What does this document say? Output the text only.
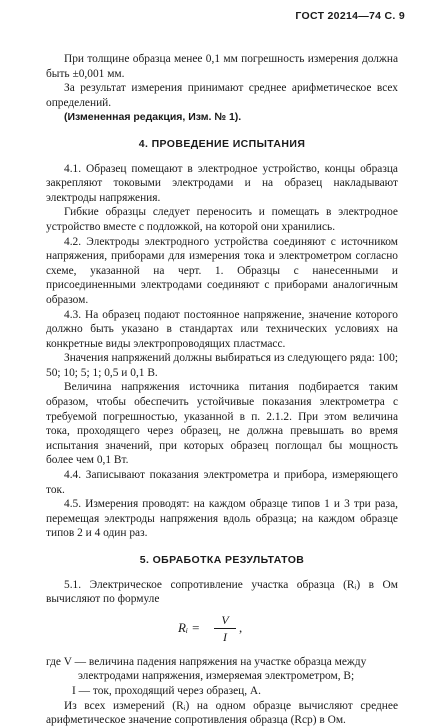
ГОСТ 20214—74 С. 9

При толщине образца менее 0,1 мм погрешность измерения должна быть ±0,001 мм.

За результат измерения принимают среднее арифметическое всех определений.

(Измененная редакция, Изм. № 1).

4. ПРОВЕДЕНИЕ ИСПЫТАНИЯ

4.1. Образец помещают в электродное устройство, концы образца закрепляют токовыми электродами и на образец накладывают электроды напряжения.

Гибкие образцы следует переносить и помещать в электродное устройство вместе с подложкой, на которой они хранились.

4.2. Электроды электродного устройства соединяют с источником напряжения, приборами для измерения тока и электрометром согласно схеме, указанной на черт. 1. Образцы с нанесенными и присоединенными электродами соединяют с приборами аналогичным образом.

4.3. На образец подают постоянное напряжение, значение которого должно быть указано в стандартах или технических условиях на конкретные виды электропроводящих пластмасс.

Значения напряжений должны выбираться из следующего ряда: 100; 50; 10; 5; 1; 0,5 и 0,1 В.

Величина напряжения источника питания подбирается таким образом, чтобы обеспечить устойчивые показания электрометра с требуемой погрешностью, указанной в п. 2.1.2. При этом величина тока, проходящего через образец, не должна превышать во время испытания значений, при которых образец поглощал бы мощность более чем 0,1 Вт.

4.4. Записывают показания электрометра и прибора, измеряющего ток.

4.5. Измерения проводят: на каждом образце типов 1 и 3 три раза, перемещая электроды напряжения вдоль образца; на каждом образце типов 2 и 4 один раз.

5. ОБРАБОТКА РЕЗУЛЬТАТОВ

5.1. Электрическое сопротивление участка образца (Rᵢ) в Ом вычисляют по формуле

Rᵢ = $\frac{V}{I}$ ,

где V — величина падения напряжения на участке образца между

электродами напряжения, измеряемая электрометром, В;

I — ток, проходящий через образец, А.

Из всех измерений (Rᵢ) на одном образце вычисляют среднее арифметическое значение сопротивления образца (Rср) в Ом.
